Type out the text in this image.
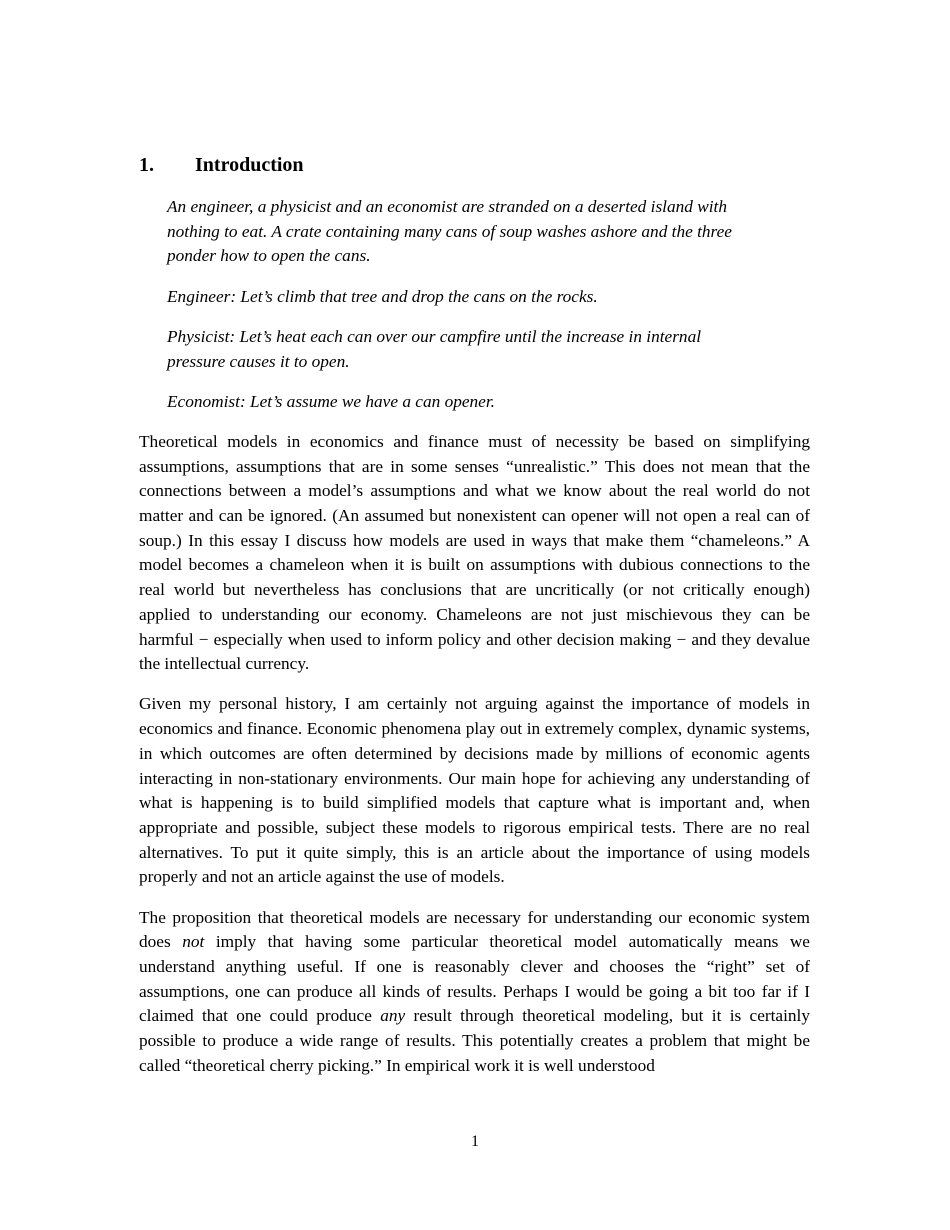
1. Introduction
An engineer, a physicist and an economist are stranded on a deserted island with nothing to eat. A crate containing many cans of soup washes ashore and the three ponder how to open the cans.
Engineer: Let’s climb that tree and drop the cans on the rocks.
Physicist: Let’s heat each can over our campfire until the increase in internal pressure causes it to open.
Economist: Let’s assume we have a can opener.

Theoretical models in economics and finance must of necessity be based on simplifying assumptions, assumptions that are in some senses “unrealistic.” This does not mean that the connections between a model’s assumptions and what we know about the real world do not matter and can be ignored. (An assumed but nonexistent can opener will not open a real can of soup.) In this essay I discuss how models are used in ways that make them “chameleons.” A model becomes a chameleon when it is built on assumptions with dubious connections to the real world but nevertheless has conclusions that are uncritically (or not critically enough) applied to understanding our economy. Chameleons are not just mischievous they can be harmful − especially when used to inform policy and other decision making − and they devalue the intellectual currency.

Given my personal history, I am certainly not arguing against the importance of models in economics and finance. Economic phenomena play out in extremely complex, dynamic systems, in which outcomes are often determined by decisions made by millions of economic agents interacting in non-stationary environments. Our main hope for achieving any understanding of what is happening is to build simplified models that capture what is important and, when appropriate and possible, subject these models to rigorous empirical tests. There are no real alternatives. To put it quite simply, this is an article about the importance of using models properly and not an article against the use of models.

The proposition that theoretical models are necessary for understanding our economic system does not imply that having some particular theoretical model automatically means we understand anything useful. If one is reasonably clever and chooses the “right” set of assumptions, one can produce all kinds of results. Perhaps I would be going a bit too far if I claimed that one could produce any result through theoretical modeling, but it is certainly possible to produce a wide range of results. This potentially creates a problem that might be called “theoretical cherry picking.” In empirical work it is well understood

1
